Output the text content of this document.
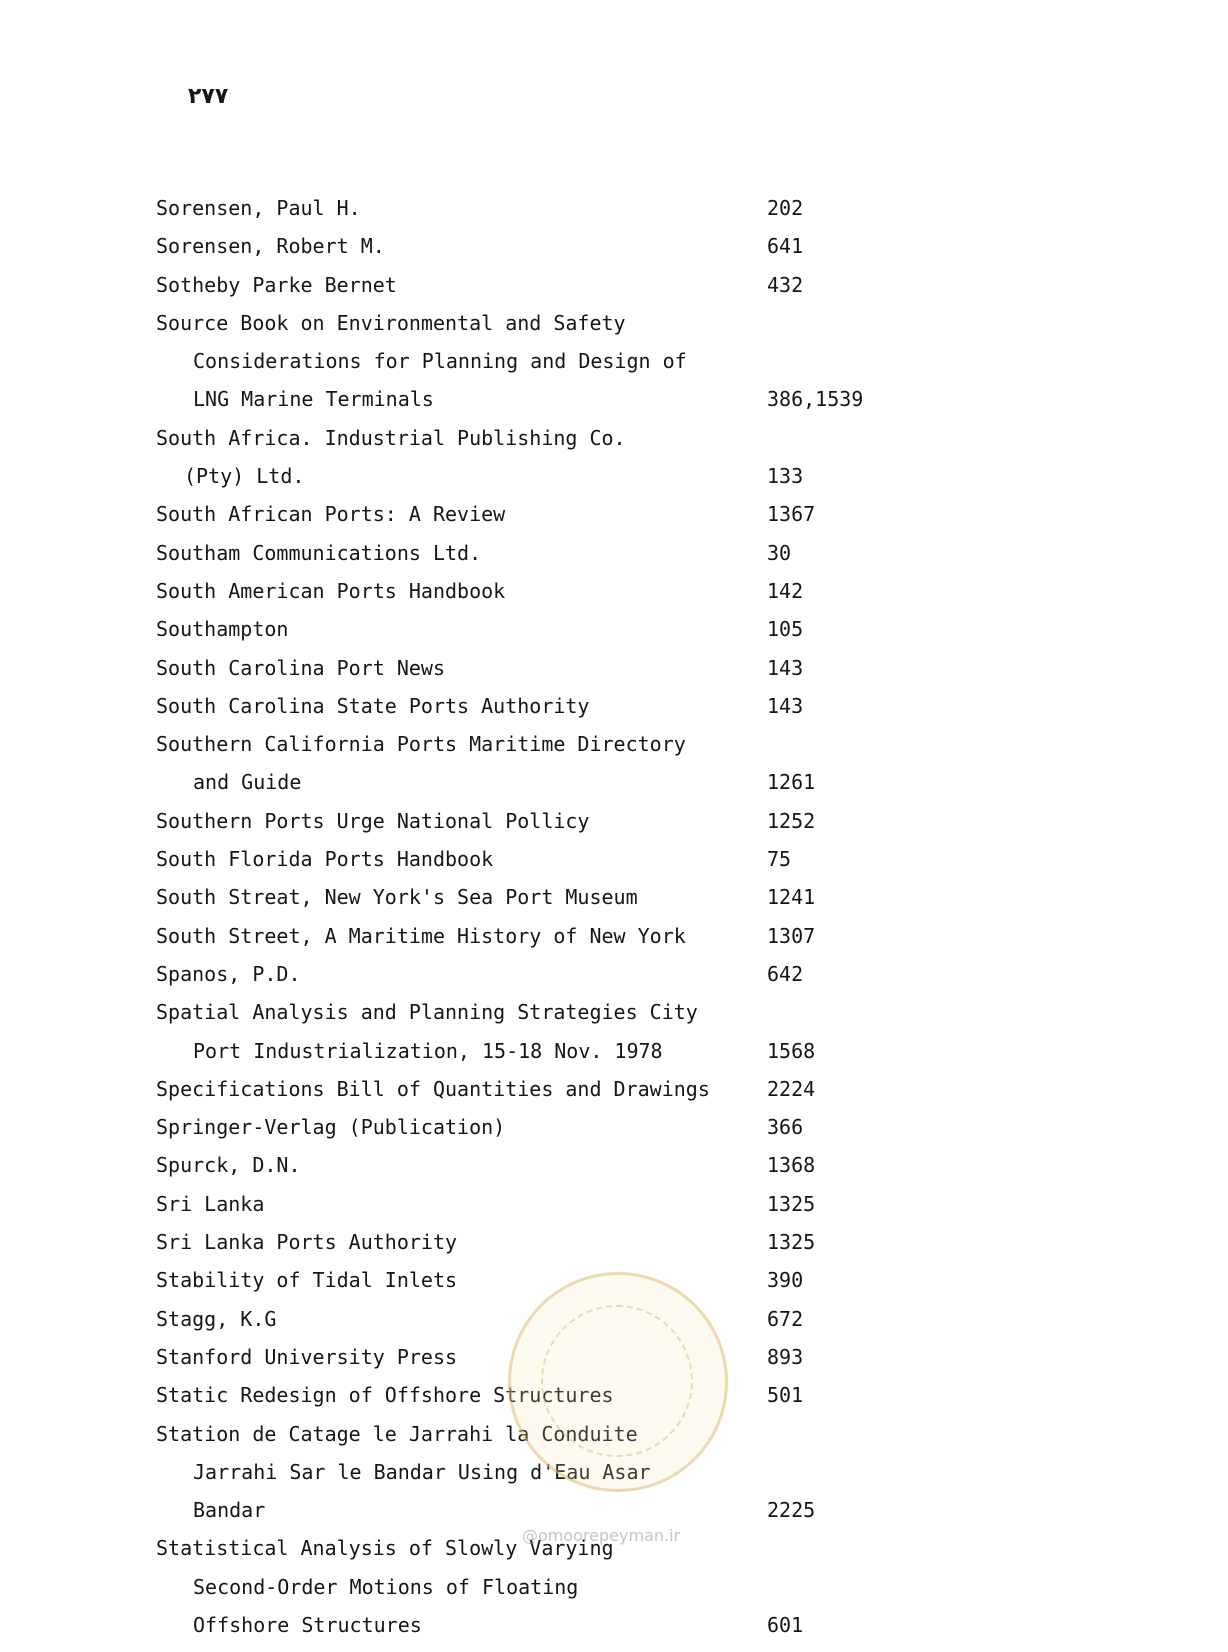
۲۷۷
Sorensen, Paul H.	202
Sorensen, Robert M.	641
Sotheby Parke Bernet	432
Source Book on Environmental and Safety
Considerations for Planning and Design of
LNG Marine Terminals	386,1539
South Africa. Industrial Publishing Co.
(Pty) Ltd.	133
South African Ports: A Review	1367
Southam Communications Ltd.	30
South American Ports Handbook	142
Southampton	105
South Carolina Port News	143
South Carolina State Ports Authority	143
Southern California Ports Maritime Directory
and Guide	1261
Southern Ports Urge National Pollicy	1252
South Florida Ports Handbook	75
South Streat, New York's Sea Port Museum	1241
South Street, A Maritime History of New York	1307
Spanos, P.D.	642
Spatial Analysis and Planning Strategies City
Port Industrialization, 15-18 Nov. 1978	1568
Specifications Bill of Quantities and Drawings	2224
Springer-Verlag (Publication)	366
Spurck, D.N.	1368
Sri Lanka	1325
Sri Lanka Ports Authority	1325
Stability of Tidal Inlets	390
Stagg, K.G	672
Stanford University Press	893
Static Redesign of Offshore Structures	501
Station de Catage le Jarrahi la Conduite
Jarrahi Sar le Bandar Using d'Eau Asar
Bandar	2225
Statistical Analysis of Slowly Varying
Second-Order Motions of Floating
Offshore Structures	601
@omoorepeyman.ir
